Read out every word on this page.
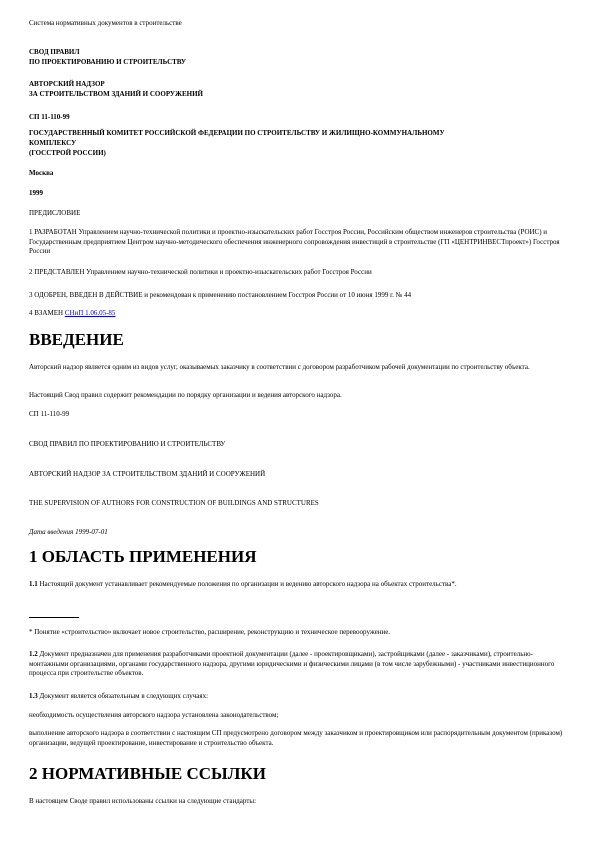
Система нормативных документов в строительстве

СВОД ПРАВИЛ

ПО ПРОЕКТИРОВАНИЮ И СТРОИТЕЛЬСТВУ

АВТОРСКИЙ НАДЗОР

ЗА СТРОИТЕЛЬСТВОМ ЗДАНИЙ И СООРУЖЕНИЙ

СП 11-110-99

ГОСУДАРСТВЕННЫЙ КОМИТЕТ РОССИЙСКОЙ ФЕДЕРАЦИИ ПО СТРОИТЕЛЬСТВУ И ЖИЛИЩНО-КОММУНАЛЬНОМУ

КОМПЛЕКСУ

(ГОССТРОЙ РОССИИ)

Москва

1999

ПРЕДИСЛОВИЕ

1 РАЗРАБОТАН Управлением научно-технической политики и проектно-изыскательских работ Госстроя России, Российским обществом инженеров строительства (РОИС) и Государственным предприятием Центром научно-методического обеспечения инженерного сопровождения инвестиций в строительстве (ГП «ЦЕНТРИНВЕСТпроект») Госстроя России

2 ПРЕДСТАВЛЕН Управлением научно-технической политики и проектно-изыскательских работ Госстроя России

3 ОДОБРЕН, ВВЕДЕН В ДЕЙСТВИЕ и рекомендован к применению постановлением Госстроя России от 10 июня 1999 г. № 44

4 ВЗАМЕН СНиП 1.06.05-85

ВВЕДЕНИЕ

Авторский надзор является одним из видов услуг, оказываемых заказчику в соответствии с договором разработчиком рабочей документации по строительству объекта.

Настоящий Свод правил содержит рекомендации по порядку организации и ведения авторского надзора.

СП 11-110-99

СВОД ПРАВИЛ ПО ПРОЕКТИРОВАНИЮ И СТРОИТЕЛЬСТВУ

АВТОРСКИЙ НАДЗОР ЗА СТРОИТЕЛЬСТВОМ ЗДАНИЙ И СООРУЖЕНИЙ

THE SUPERVISION OF AUTHORS FOR CONSTRUCTION OF BUILDINGS AND STRUCTURES

Дата введения 1999-07-01

1 ОБЛАСТЬ ПРИМЕНЕНИЯ

1.1 Настоящий документ устанавливает рекомендуемые положения по организации и ведению авторского надзора на объектах строительства*.

* Понятие «строительство» включает новое строительство, расширение, реконструкцию и техническое перевооружение.

1.2 Документ предназначен для применения разработчиками проектной документации (далее - проектировщиками), застройщиками (далее - заказчиками), строительно-монтажными организациями, органами государственного надзора, другими юридическими и физическими лицами (в том числе зарубежными) - участниками инвестиционного процесса при строительстве объектов.

1.3 Документ является обязательным в следующих случаях:

необходимость осуществления авторского надзора установлена законодательством;

выполнение авторского надзора в соответствии с настоящим СП предусмотрено договором между заказчиком и проектировщиком или распорядительным документом (приказом) организации, ведущей проектирование, инвестирование и строительство объекта.

2 НОРМАТИВНЫЕ ССЫЛКИ

В настоящем Своде правил использованы ссылки на следующие стандарты:
